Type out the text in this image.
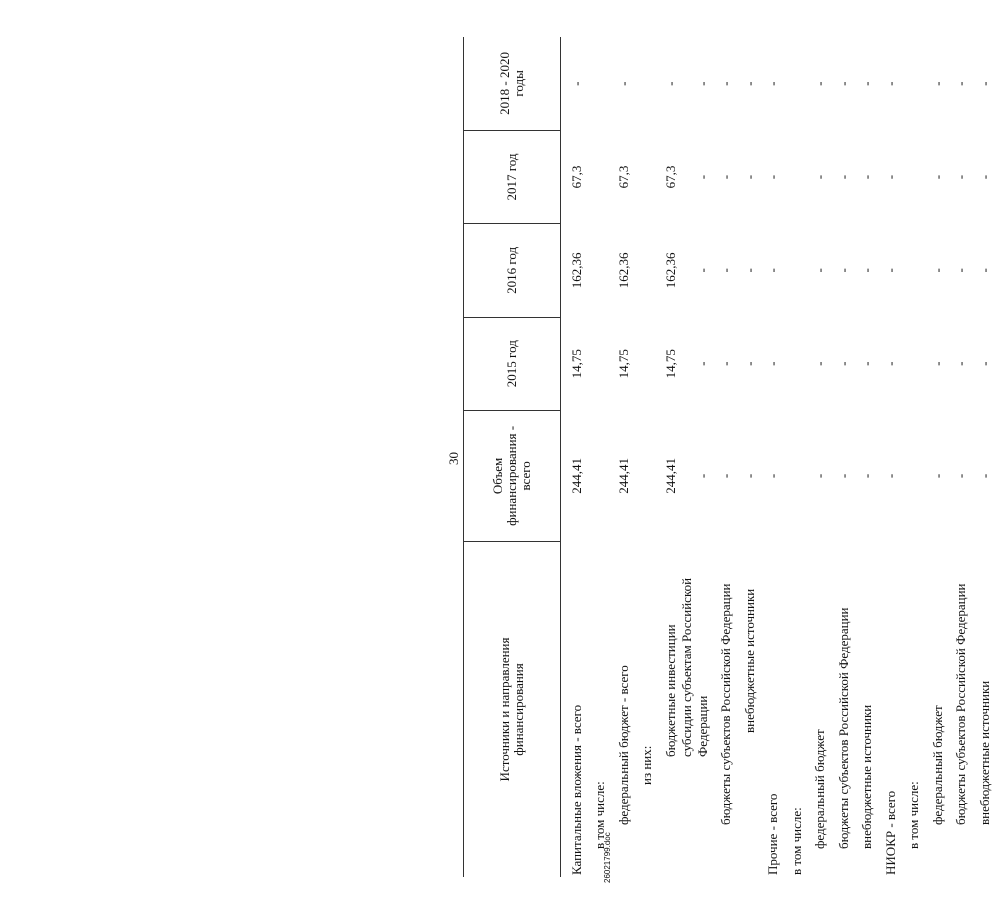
30
Источники и направления финансирования	Объем финансирования - всего	2015 год	2016 год	2017 год	2018 - 2020 годы
Капитальные вложения - всего	244,41	14,75	162,36	67,3	-
в том числе:					
федеральный бюджет - всего	244,41	14,75	162,36	67,3	-
из них:					
бюджетные инвестиции	244,41	14,75	162,36	67,3	-
субсидии субъектам Российской Федерации	-	-	-	-	-
бюджеты субъектов Российской Федерации	-	-	-	-	-
внебюджетные источники	-	-	-	-	-
Прочие - всего	-	-	-	-	-
в том числе:					
федеральный бюджет	-	-	-	-	-
бюджеты субъектов Российской Федерации	-	-	-	-	-
внебюджетные источники	-	-	-	-	-
НИОКР - всего	-	-	-	-	-
в том числе:					
федеральный бюджет	-	-	-	-	-
бюджеты субъектов Российской Федерации	-	-	-	-	-
внебюджетные источники	-	-	-	-	-
26021799.doc
